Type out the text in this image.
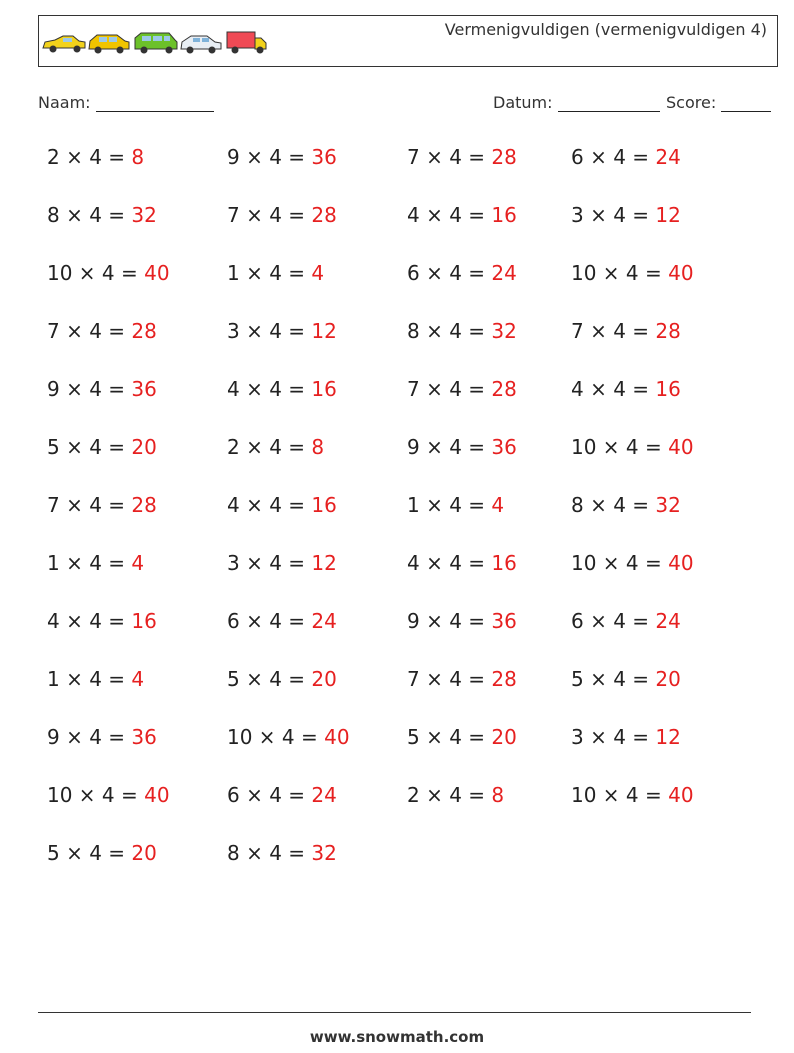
Vermenigvuldigen (vermenigvuldigen 4)
Naam:	Datum:	Score:
2 × 4 = 8	9 × 4 = 36	7 × 4 = 28	6 × 4 = 24
8 × 4 = 32	7 × 4 = 28	4 × 4 = 16	3 × 4 = 12
10 × 4 = 40	1 × 4 = 4	6 × 4 = 24	10 × 4 = 40
7 × 4 = 28	3 × 4 = 12	8 × 4 = 32	7 × 4 = 28
9 × 4 = 36	4 × 4 = 16	7 × 4 = 28	4 × 4 = 16
5 × 4 = 20	2 × 4 = 8	9 × 4 = 36	10 × 4 = 40
7 × 4 = 28	4 × 4 = 16	1 × 4 = 4	8 × 4 = 32
1 × 4 = 4	3 × 4 = 12	4 × 4 = 16	10 × 4 = 40
4 × 4 = 16	6 × 4 = 24	9 × 4 = 36	6 × 4 = 24
1 × 4 = 4	5 × 4 = 20	7 × 4 = 28	5 × 4 = 20
9 × 4 = 36	10 × 4 = 40	5 × 4 = 20	3 × 4 = 12
10 × 4 = 40	6 × 4 = 24	2 × 4 = 8	10 × 4 = 40
5 × 4 = 20	8 × 4 = 32
www.snowmath.com
